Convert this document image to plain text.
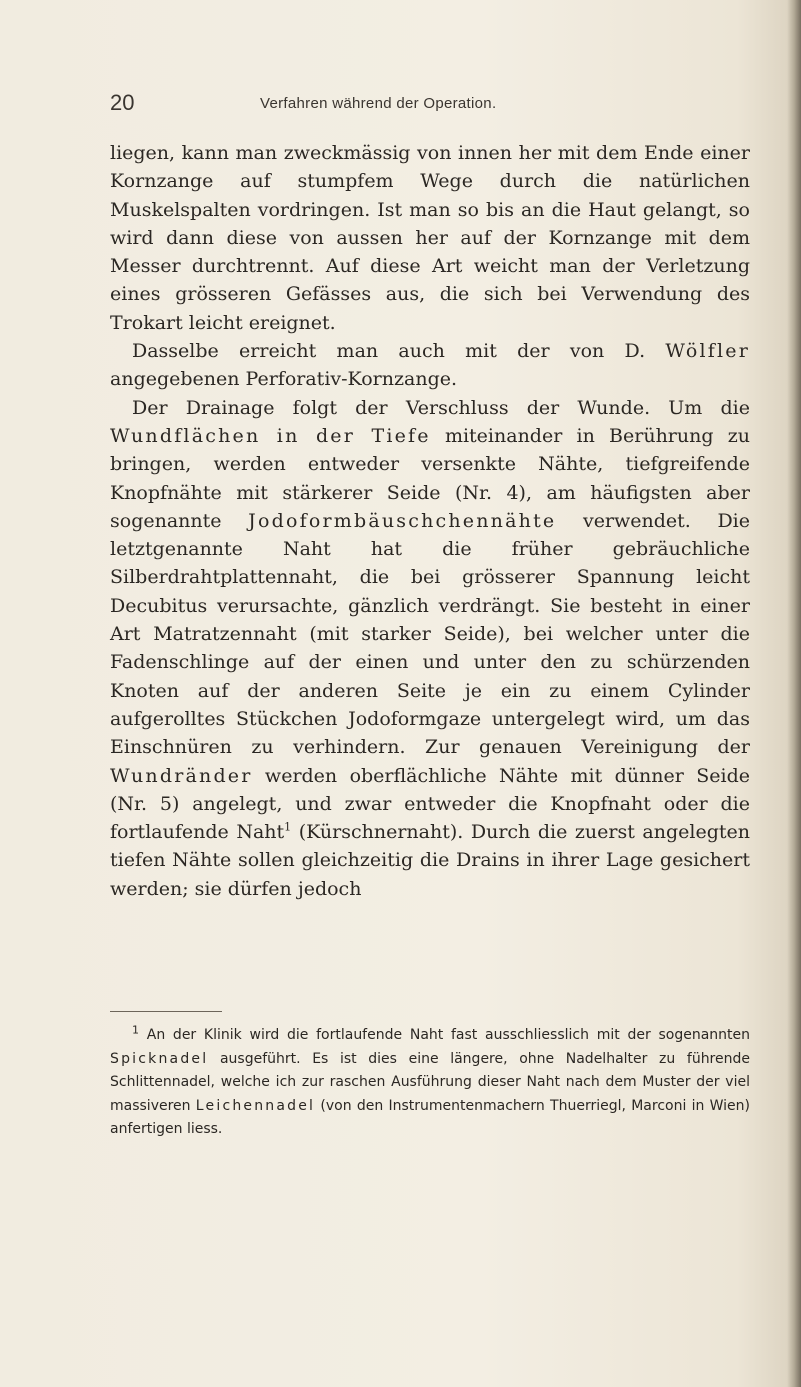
20	Verfahren während der Operation.

liegen, kann man zweckmässig von innen her mit dem Ende einer Kornzange auf stumpfem Wege durch die natürlichen Muskelspalten vordringen. Ist man so bis an die Haut gelangt, so wird dann diese von aussen her auf der Kornzange mit dem Messer durchtrennt. Auf diese Art weicht man der Verletzung eines grösseren Gefässes aus, die sich bei Verwendung des Trokart leicht ereignet.

Dasselbe erreicht man auch mit der von D. Wölfler angegebenen Perforativ-Kornzange.

Der Drainage folgt der Verschluss der Wunde. Um die Wundflächen in der Tiefe miteinander in Berührung zu bringen, werden entweder versenkte Nähte, tiefgreifende Knopfnähte mit stärkerer Seide (Nr. 4), am häufigsten aber sogenannte Jodoformbäuschchennähte verwendet. Die letztgenannte Naht hat die früher gebräuchliche Silberdrahtplattennaht, die bei grösserer Spannung leicht Decubitus verursachte, gänzlich verdrängt. Sie besteht in einer Art Matratzennaht (mit starker Seide), bei welcher unter die Fadenschlinge auf der einen und unter den zu schürzenden Knoten auf der anderen Seite je ein zu einem Cylinder aufgerolltes Stückchen Jodoformgaze untergelegt wird, um das Einschnüren zu verhindern. Zur genauen Vereinigung der Wundränder werden oberflächliche Nähte mit dünner Seide (Nr. 5) angelegt, und zwar entweder die Knopfnaht oder die fortlaufende Naht$^1$ (Kürschnernaht). Durch die zuerst angelegten tiefen Nähte sollen gleichzeitig die Drains in ihrer Lage gesichert werden; sie dürfen jedoch

$^1$ An der Klinik wird die fortlaufende Naht fast ausschliesslich mit der sogenannten Spicknadel ausgeführt. Es ist dies eine längere, ohne Nadelhalter zu führende Schlittennadel, welche ich zur raschen Ausführung dieser Naht nach dem Muster der viel massiveren Leichennadel (von den Instrumentenmachern Thuerriegl, Marconi in Wien) anfertigen liess.
